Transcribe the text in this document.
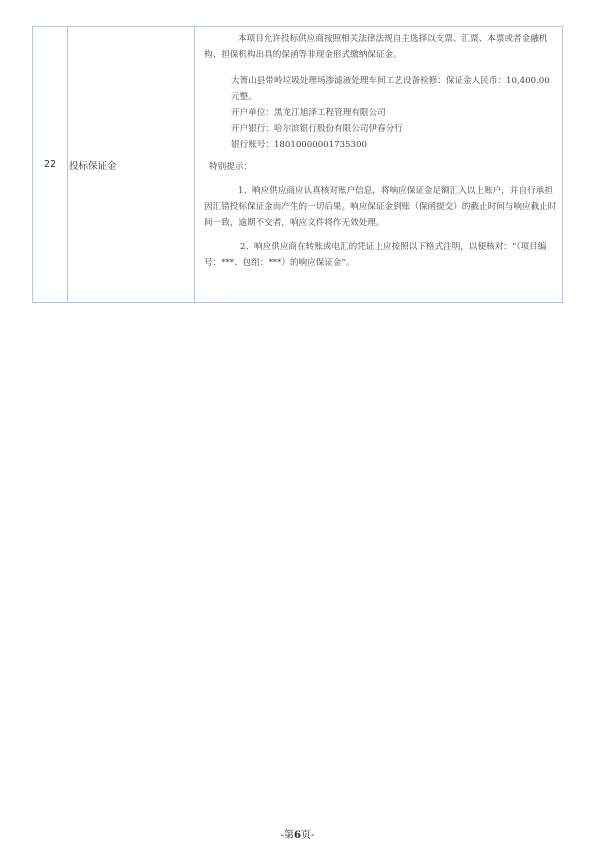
22 投标保证金

本项目允许投标供应商按照相关法律法规自主选择以支票、汇票、本票或者金融机构、担保机构出具的保函等非现金形式缴纳保证金。

大箐山县带岭垃圾处理场渗滤液处理车间工艺设备检修：保证金人民币：10,400.00

元整。

开户单位：黑龙江旭泽工程管理有限公司

开户银行：哈尔滨银行股份有限公司伊春分行

银行账号：18010000001735300

特别提示：

1、响应供应商应认真核对账户信息，将响应保证金足额汇入以上账户，并自行承担因汇错投标保证金而产生的一切后果。响应保证金到账（保函提交）的截止时间与响应截止时间一致，逾期不交者，响应文件将作无效处理。

2、响应供应商在转账或电汇的凭证上应按照以下格式注明，以便核对：“（项目编号：***、包组：***）的响应保证金”。

-第6页-
